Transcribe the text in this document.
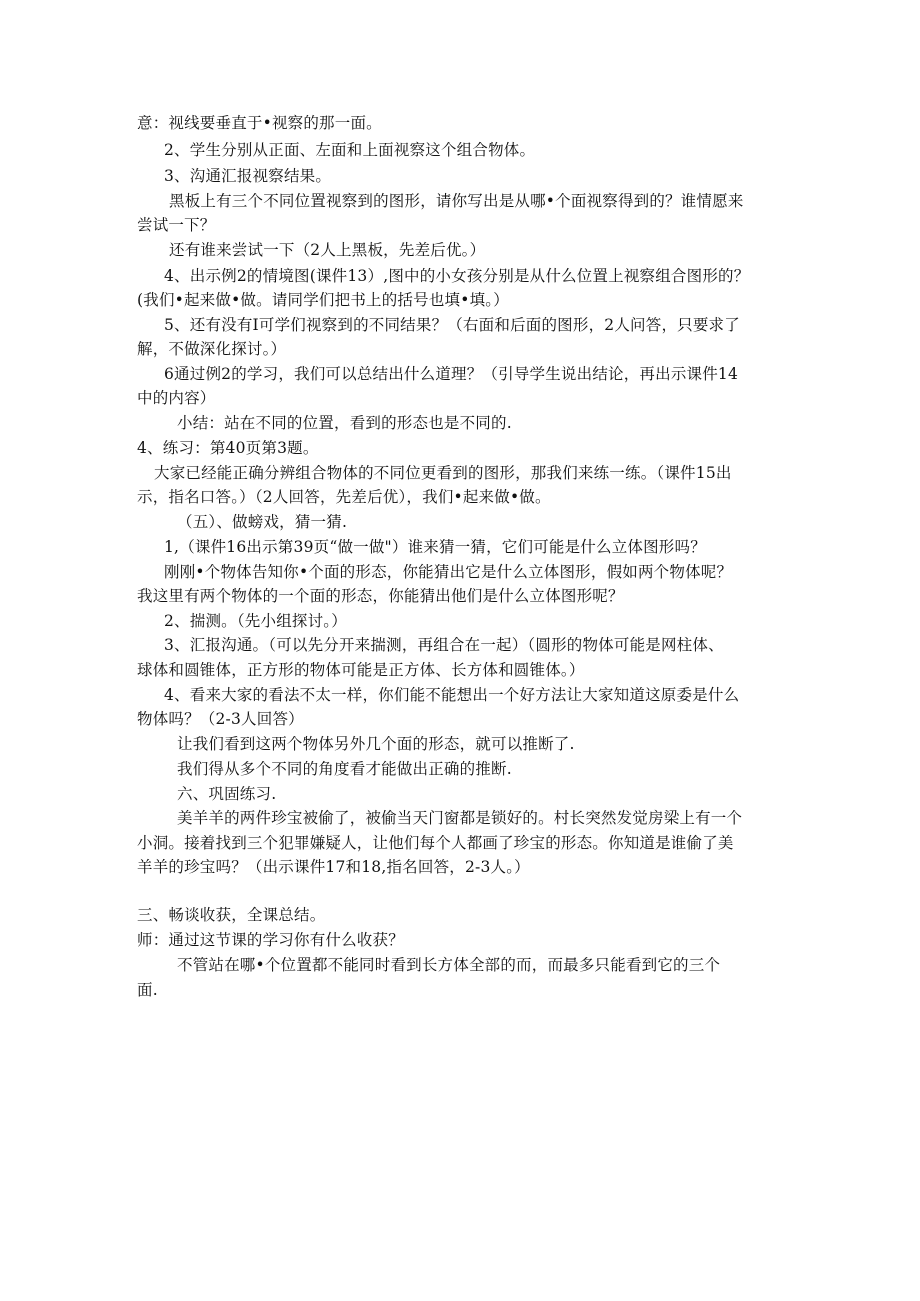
意：视线要垂直于•视察的那一面。
2、学生分别从正面、左面和上面视察这个组合物体。
3、沟通汇报视察结果。
黑板上有三个不同位置视察到的图形，请你写出是从哪•个面视察得到的？谁情愿来
尝试一下？
还有谁来尝试一下（2人上黑板，先差后优。）
4、出示例2的情境图(课件13）,图中的小女孩分别是从什么位置上视察组合图形的？
(我们•起来做•做。请同学们把书上的括号也填•填。）
5、还有没有I可学们视察到的不同结果？（右面和后面的图形，2人问答，只要求了
解，不做深化探讨。）
6通过例2的学习，我们可以总结出什么道理？（引导学生说出结论，再出示课件14
中的内容）
小结：站在不同的位置，看到的形态也是不同的.
4、练习：第40页第3题。
大家已经能正确分辨组合物体的不同位更看到的图形，那我们来练一练。（课件15出
示，指名口答。）（2人回答，先差后优），我们•起来做•做。
（五）、做螃戏，猜一猜.
1,（课件16出示第39页“做一做"）谁来猜一猜，它们可能是什么立体图形吗？
刚刚•个物体告知你•个面的形态，你能猜出它是什么立体图形，假如两个物体呢？
我这里有两个物体的一个面的形态，你能猜出他们是什么立体图形呢？
2、揣测。（先小组探讨。）
3、汇报沟通。（可以先分开来揣测，再组合在一起）（圆形的物体可能是网柱体、
球体和圆锥体，正方形的物体可能是正方体、长方体和圆锥体。）
4、看来大家的看法不太一样，你们能不能想出一个好方法让大家知道这原委是什么
物体吗？（2-3人回答）
让我们看到这两个物体另外几个面的形态，就可以推断了.
我们得从多个不同的角度看才能做出正确的推断.
六、巩固练习.
美羊羊的两件珍宝被偷了，被偷当天门窗都是锁好的。村长突然发觉房梁上有一个
小洞。接着找到三个犯罪嫌疑人，让他们每个人都画了珍宝的形态。你知道是谁偷了美
羊羊的珍宝吗？（出示课件17和18,指名回答，2-3人。）
三、畅谈收获，全课总结。
师：通过这节课的学习你有什么收获？
不管站在哪•个位置都不能同时看到长方体全部的而，而最多只能看到它的三个
面.
